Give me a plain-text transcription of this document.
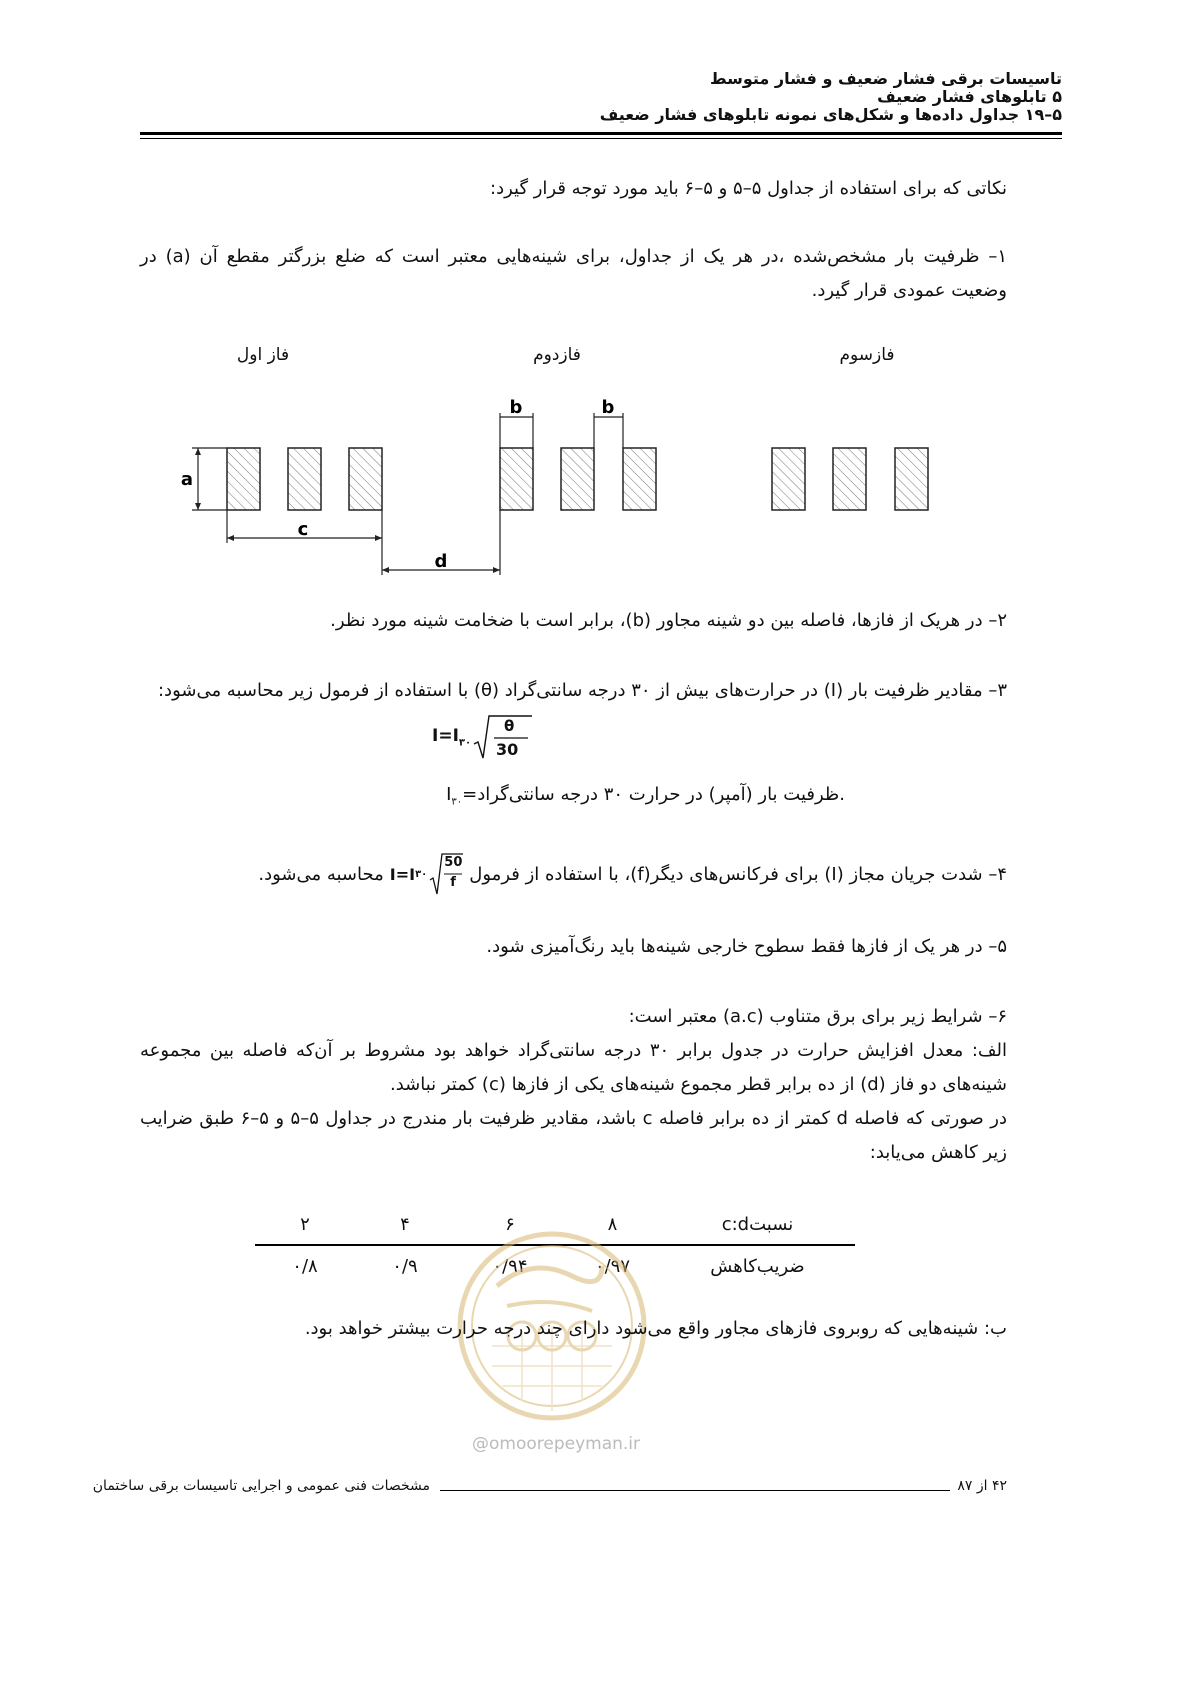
تاسیسات برقی فشار ضعیف و فشار متوسط
۵ تابلوهای فشار ضعیف
۵–۱۹ جداول داده‌ها و شکل‌های نمونه تابلوهای فشار ضعیف
نکاتی که برای استفاده از جداول ۵–۵ و ۵–۶ باید مورد توجه قرار گیرد:
۱– ظرفیت بار مشخص‌شده ،در هر یک از جداول، برای شینه‌هایی معتبر است که ضلع بزرگتر مقطع آن (a) در وضعیت عمودی قرار گیرد.
فاز اول	فازدوم	فازسوم
a
c
d
b	b
۲– در هریک از فازها، فاصله بین دو شینه مجاور (b)، برابر است با ضخامت شینه مورد نظر.
۳– مقادیر ظرفیت بار (I) در حرارت‌های بیش از ۳۰ درجه سانتی‌گراد (θ) با استفاده از فرمول زیر محاسبه می‌شود:
$I=I_{۳۰}$
θ
30
$I_{۳۰}=ظرفیت$ بار (آمپر) در حرارت ۳۰ درجه سانتی‌گراد.
۴– شدت جریان مجاز (I) برای فرکانس‌های دیگر(f)، با استفاده از فرمول
I=I ۳۰
50
f
محاسبه می‌شود.
۵– در هر یک از فازها فقط سطوح خارجی شینه‌ها باید رنگ‌آمیزی شود.
۶– شرایط زیر برای برق متناوب (a.c) معتبر است:
الف: معدل افزایش حرارت در جدول برابر ۳۰ درجه سانتی‌گراد خواهد بود مشروط بر آن‌که فاصله بین مجموعه شینه‌های دو فاز (d) از ده برابر قطر مجموع شینه‌های یکی از فازها (c) کمتر نباشد.
در صورتی که فاصله d کمتر از ده برابر فاصله c باشد، مقادیر ظرفیت بار مندرج در جداول ۵–۵ و ۵–۶ طبق ضرایب زیر کاهش می‌یابد:
۲	۴	۶	۸	نسبتc:d
۰/۸	۰/۹	۰/۹۴	۰/۹۷	ضریب‌کاهش
@omoorepeyman.ir
ب: شینه‌هایی که روبروی فازهای مجاور واقع می‌شود دارای چند درجه حرارت بیشتر خواهد بود.
۴۲ از ۸۷
مشخصات فنی عمومی و اجرایی تاسیسات برقی ساختمان
